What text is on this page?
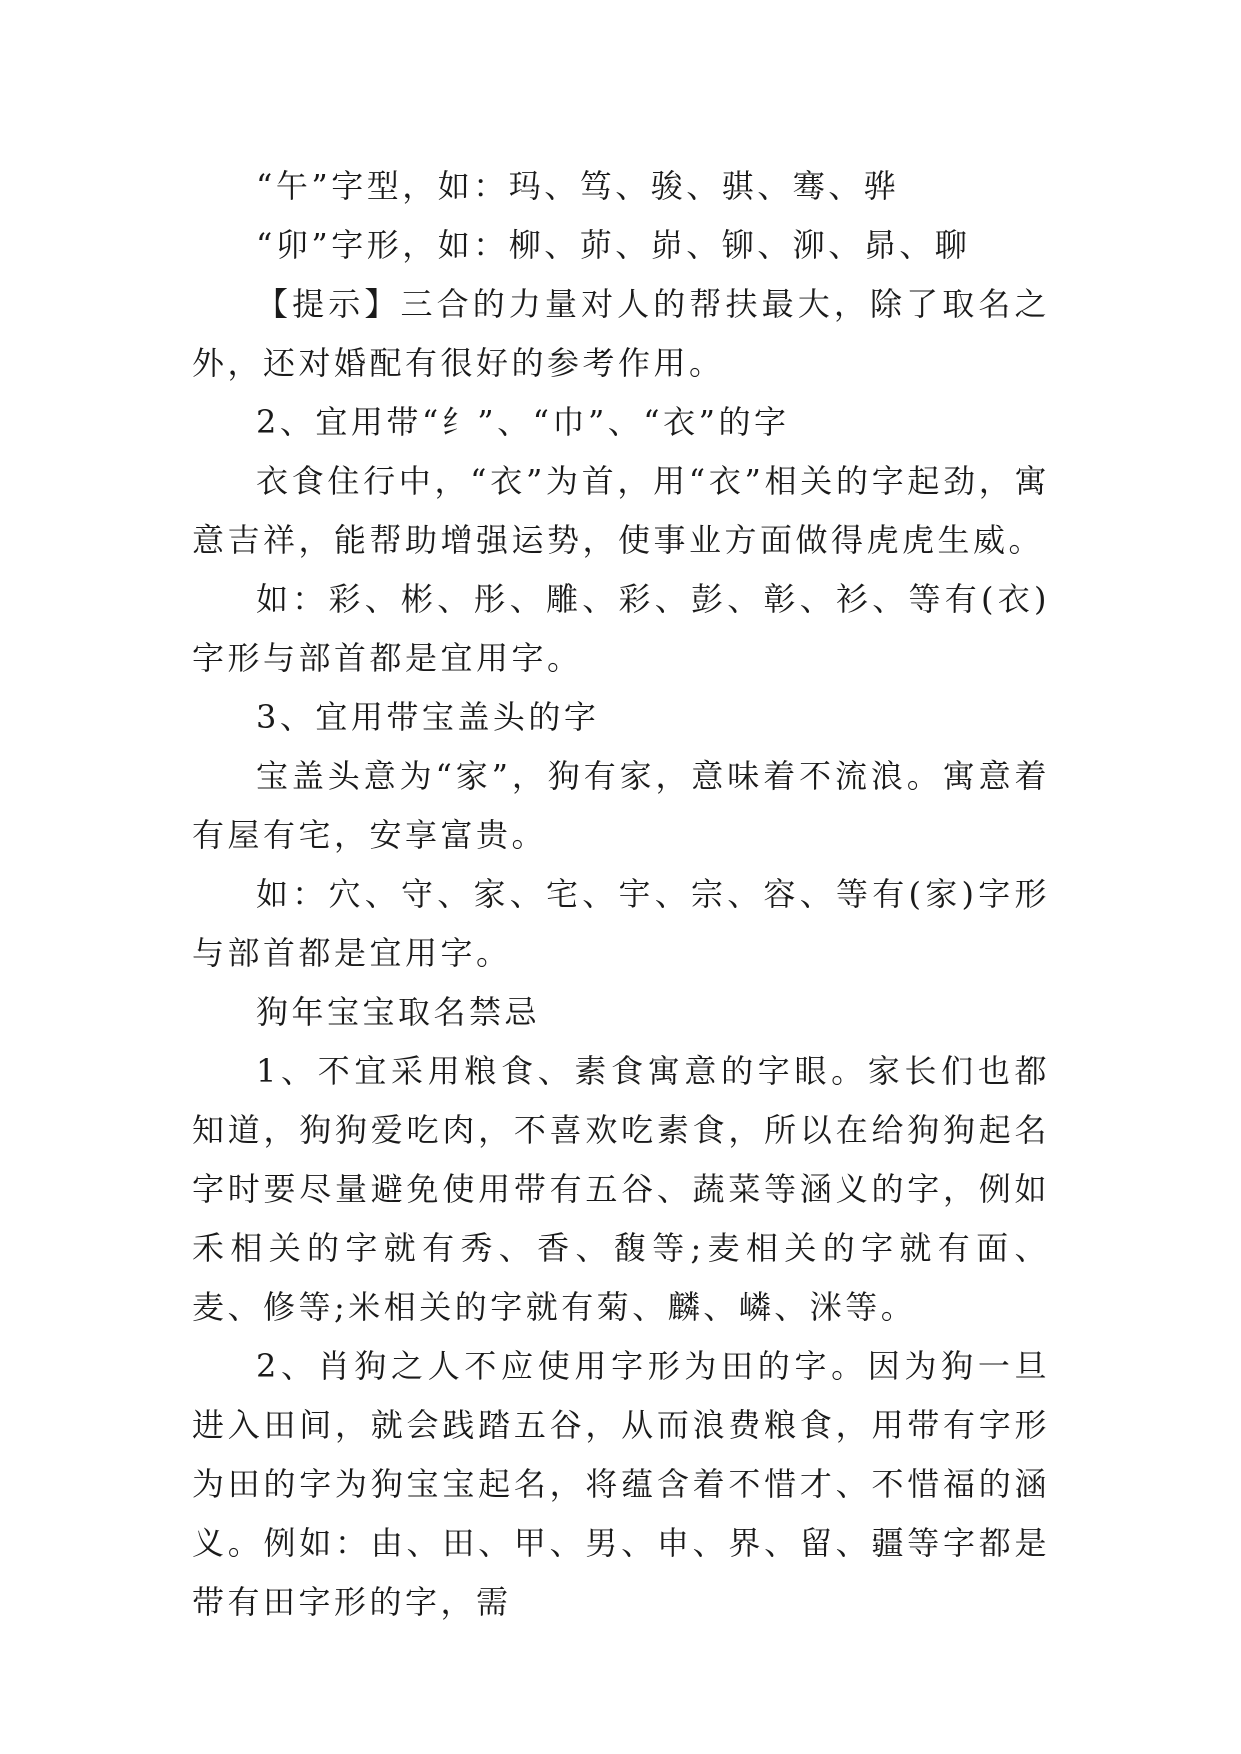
“午”字型，如：玛、笃、骏、骐、骞、骅

“卯”字形，如：柳、茆、峁、铆、泖、昴、聊

【提示】三合的力量对人的帮扶最大，除了取名之外，还对婚配有很好的参考作用。

2、宜用带“纟”、“巾”、“衣”的字

衣食住行中，“衣”为首，用“衣”相关的字起劲，寓意吉祥，能帮助增强运势，使事业方面做得虎虎生威。

如：彩、彬、彤、雕、彩、彭、彰、衫、等有(衣)字形与部首都是宜用字。

3、宜用带宝盖头的字

宝盖头意为“家”，狗有家，意味着不流浪。寓意着有屋有宅，安享富贵。

如：穴、守、家、宅、宇、宗、容、等有(家)字形与部首都是宜用字。

狗年宝宝取名禁忌

1、不宜采用粮食、素食寓意的字眼。家长们也都知道，狗狗爱吃肉，不喜欢吃素食，所以在给狗狗起名字时要尽量避免使用带有五谷、蔬菜等涵义的字，例如禾相关的字就有秀、香、馥等;麦相关的字就有面、麦、修等;米相关的字就有菊、麟、嶙、洣等。

2、肖狗之人不应使用字形为田的字。因为狗一旦进入田间，就会践踏五谷，从而浪费粮食，用带有字形为田的字为狗宝宝起名，将蕴含着不惜才、不惜福的涵义。例如：由、田、甲、男、申、界、留、疆等字都是带有田字形的字，需
